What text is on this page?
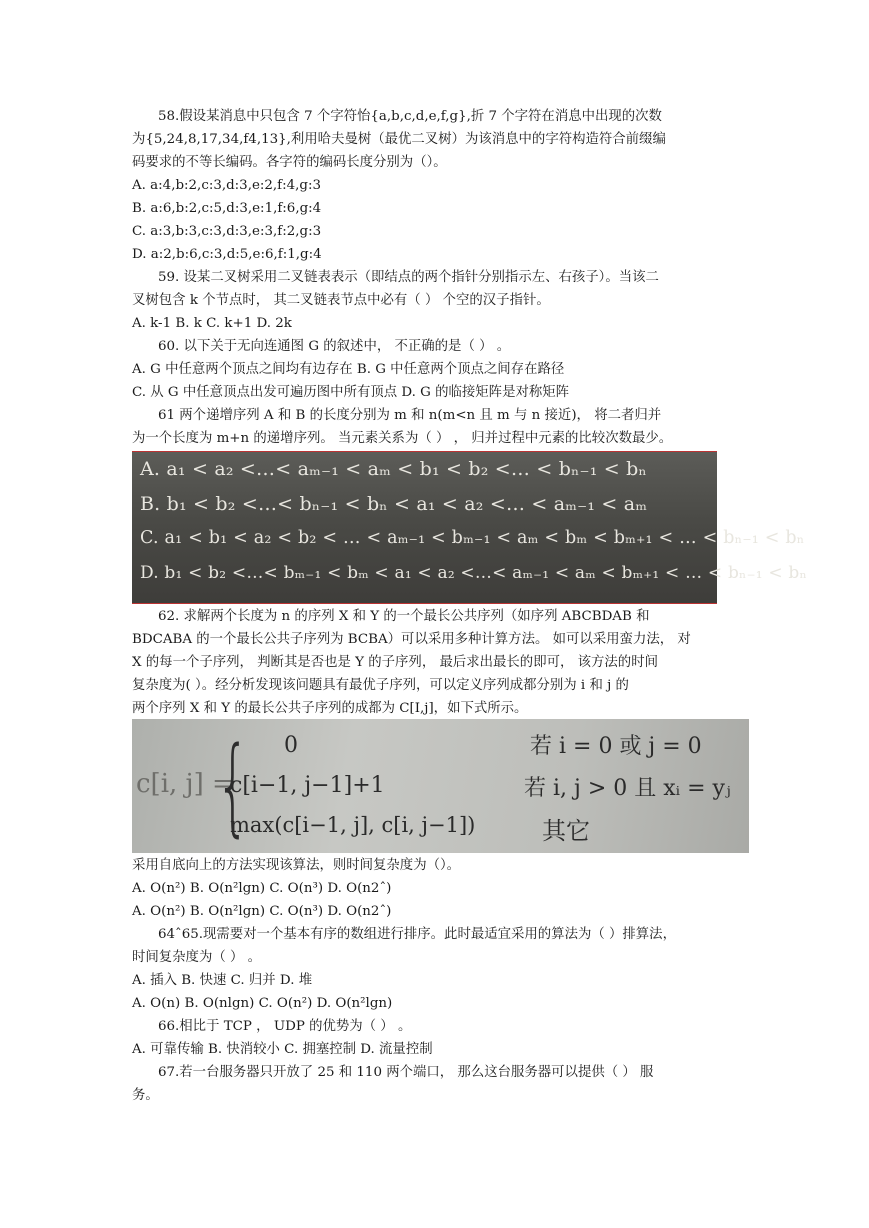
58.假设某消息中只包含 7 个字符怡{a,b,c,d,e,f,g},折 7 个字符在消息中出现的次数
为{5,24,8,17,34,f4,13},利用哈夫曼树（最优二叉树）为该消息中的字符构造符合前缀编
码要求的不等长编码。各字符的编码长度分别为（）。
A. a:4,b:2,c:3,d:3,e:2,f:4,g:3
B. a:6,b:2,c:5,d:3,e:1,f:6,g:4
C. a:3,b:3,c:3,d:3,e:3,f:2,g:3
D. a:2,b:6,c:3,d:5,e:6,f:1,g:4
59. 设某二叉树采用二叉链表表示（即结点的两个指针分别指示左、右孩子）。当该二
叉树包含 k 个节点时， 其二叉链表节点中必有（ ） 个空的汉子指针。
A. k-1 B. k C. k+1 D. 2k
60. 以下关于无向连通图 G 的叙述中， 不正确的是（ ） 。
A. G 中任意两个顶点之间均有边存在 B. G 中任意两个顶点之间存在路径
C. 从 G 中任意顶点出发可遍历图中所有顶点 D. G 的临接矩阵是对称矩阵
61 两个递增序列 A 和 B 的长度分别为 m 和 n(m<n 且 m 与 n 接近)， 将二者归并
为一个长度为 m+n 的递增序列。 当元素关系为（ ） ， 归并过程中元素的比较次数最少。
A. a₁ < a₂ <…< aₘ₋₁ < aₘ < b₁ < b₂ <… < bₙ₋₁ < bₙ
B. b₁ < b₂ <…< bₙ₋₁ < bₙ < a₁ < a₂ <… < aₘ₋₁ < aₘ
C. a₁ < b₁ < a₂ < b₂ < … < aₘ₋₁ < bₘ₋₁ < aₘ < bₘ < bₘ₊₁ < … < bₙ₋₁ < bₙ
D. b₁ < b₂ <…< bₘ₋₁ < bₘ < a₁ < a₂ <…< aₘ₋₁ < aₘ < bₘ₊₁ < … < bₙ₋₁ < bₙ
62. 求解两个长度为 n 的序列 X 和 Y 的一个最长公共序列（如序列 ABCBDAB 和
BDCABA 的一个最长公共子序列为 BCBA）可以采用多种计算方法。 如可以采用蛮力法， 对
X 的每一个子序列， 判断其是否也是 Y 的子序列， 最后求出最长的即可， 该方法的时间
复杂度为( ）。经分析发现该问题具有最优子序列，可以定义序列成都分别为 i 和 j 的
两个序列 X 和 Y 的最长公共子序列的成都为 C[I,j]，如下式所示。
c[i, j] =
{ 0
c[i−1, j−1]+1
max(c[i−1, j], c[i, j−1])
若 i = 0 或 j = 0
若 i, j > 0 且 xᵢ = yⱼ
其它
采用自底向上的方法实现该算法，则时间复杂度为（）。
A. O(n²) B. O(n²lgn) C. O(n³) D. O(n2ˆ)
A. O(n²) B. O(n²lgn) C. O(n³) D. O(n2ˆ)
64ˆ65.现需要对一个基本有序的数组进行排序。此时最适宜采用的算法为（ ）排算法，
时间复杂度为（ ） 。
A. 插入 B. 快速 C. 归并 D. 堆
A. O(n) B. O(nlgn) C. O(n²) D. O(n²lgn)
66.相比于 TCP ， UDP 的优势为（ ） 。
A. 可靠传输 B. 快消较小 C. 拥塞控制 D. 流量控制
67.若一台服务器只开放了 25 和 110 两个端口， 那么这台服务器可以提供（ ） 服
务。
